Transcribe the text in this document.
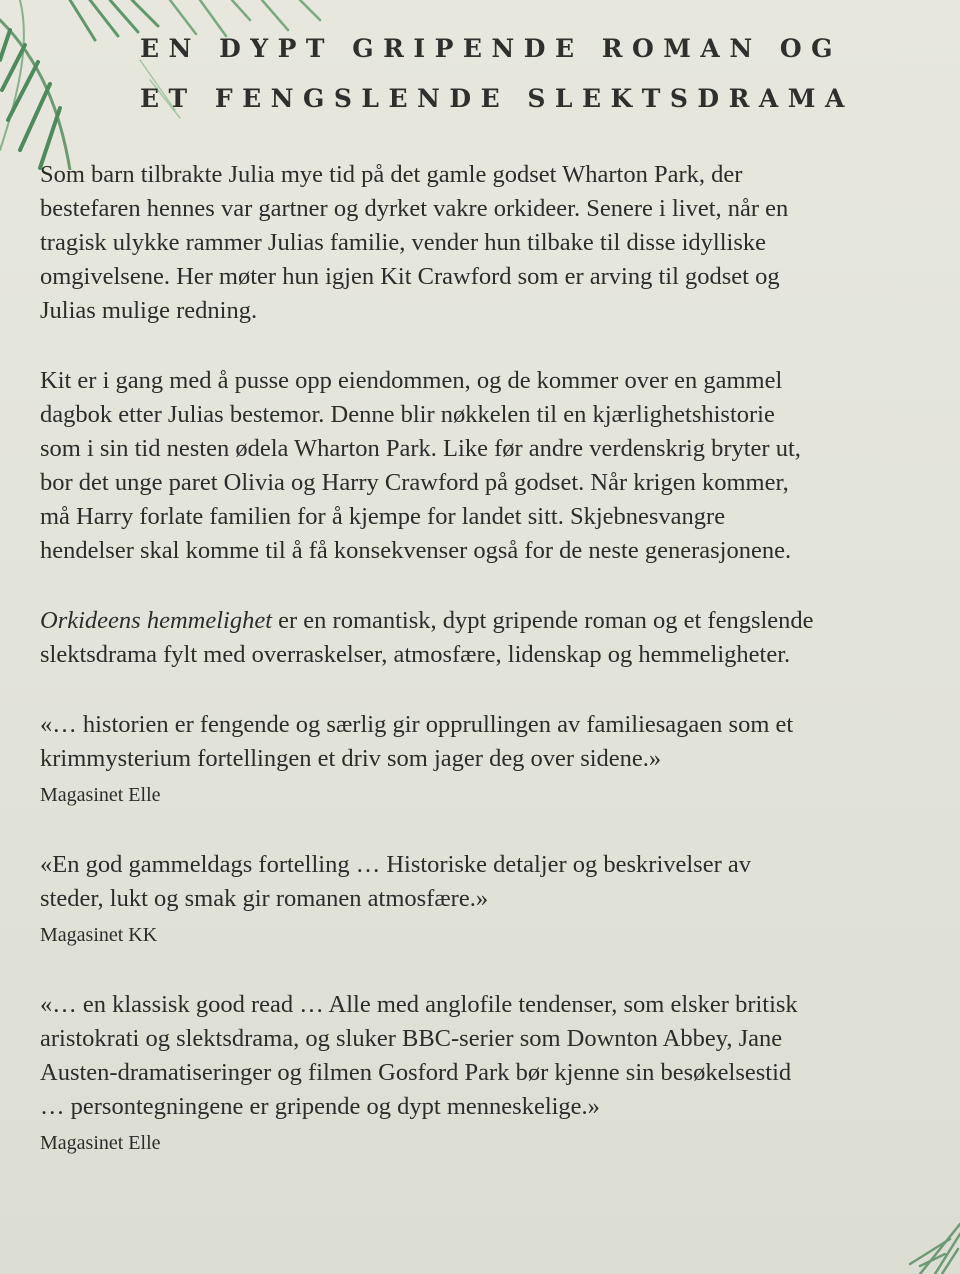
EN DYPT GRIPENDE ROMAN OG
ET FENGSLENDE SLEKTSDRAMA

Som barn tilbrakte Julia mye tid på det gamle godset Wharton Park, der
bestefaren hennes var gartner og dyrket vakre orkideer. Senere i livet, når en
tragisk ulykke rammer Julias familie, vender hun tilbake til disse idylliske
omgivelsene. Her møter hun igjen Kit Crawford som er arving til godset og
Julias mulige redning.

Kit er i gang med å pusse opp eiendommen, og de kommer over en gammel
dagbok etter Julias bestemor. Denne blir nøkkelen til en kjærlighetshistorie
som i sin tid nesten ødela Wharton Park. Like før andre verdenskrig bryter ut,
bor det unge paret Olivia og Harry Crawford på godset. Når krigen kommer,
må Harry forlate familien for å kjempe for landet sitt. Skjebnesvangre
hendelser skal komme til å få konsekvenser også for de neste generasjonene.

Orkideens hemmelighet er en romantisk, dypt gripende roman og et fengslende
slektsdrama fylt med overraskelser, atmosfære, lidenskap og hemmeligheter.

«… historien er fengende og særlig gir opprullingen av familiesagaen som et
krimmysterium fortellingen et driv som jager deg over sidene.»
Magasinet Elle
«En god gammeldags fortelling … Historiske detaljer og beskrivelser av
steder, lukt og smak gir romanen atmosfære.»
Magasinet KK
«… en klassisk good read … Alle med anglofile tendenser, som elsker britisk
aristokrati og slektsdrama, og sluker BBC-serier som Downton Abbey, Jane
Austen-dramatiseringer og filmen Gosford Park bør kjenne sin besøkelsestid
… persontegningene er gripende og dypt menneskelige.»
Magasinet Elle
